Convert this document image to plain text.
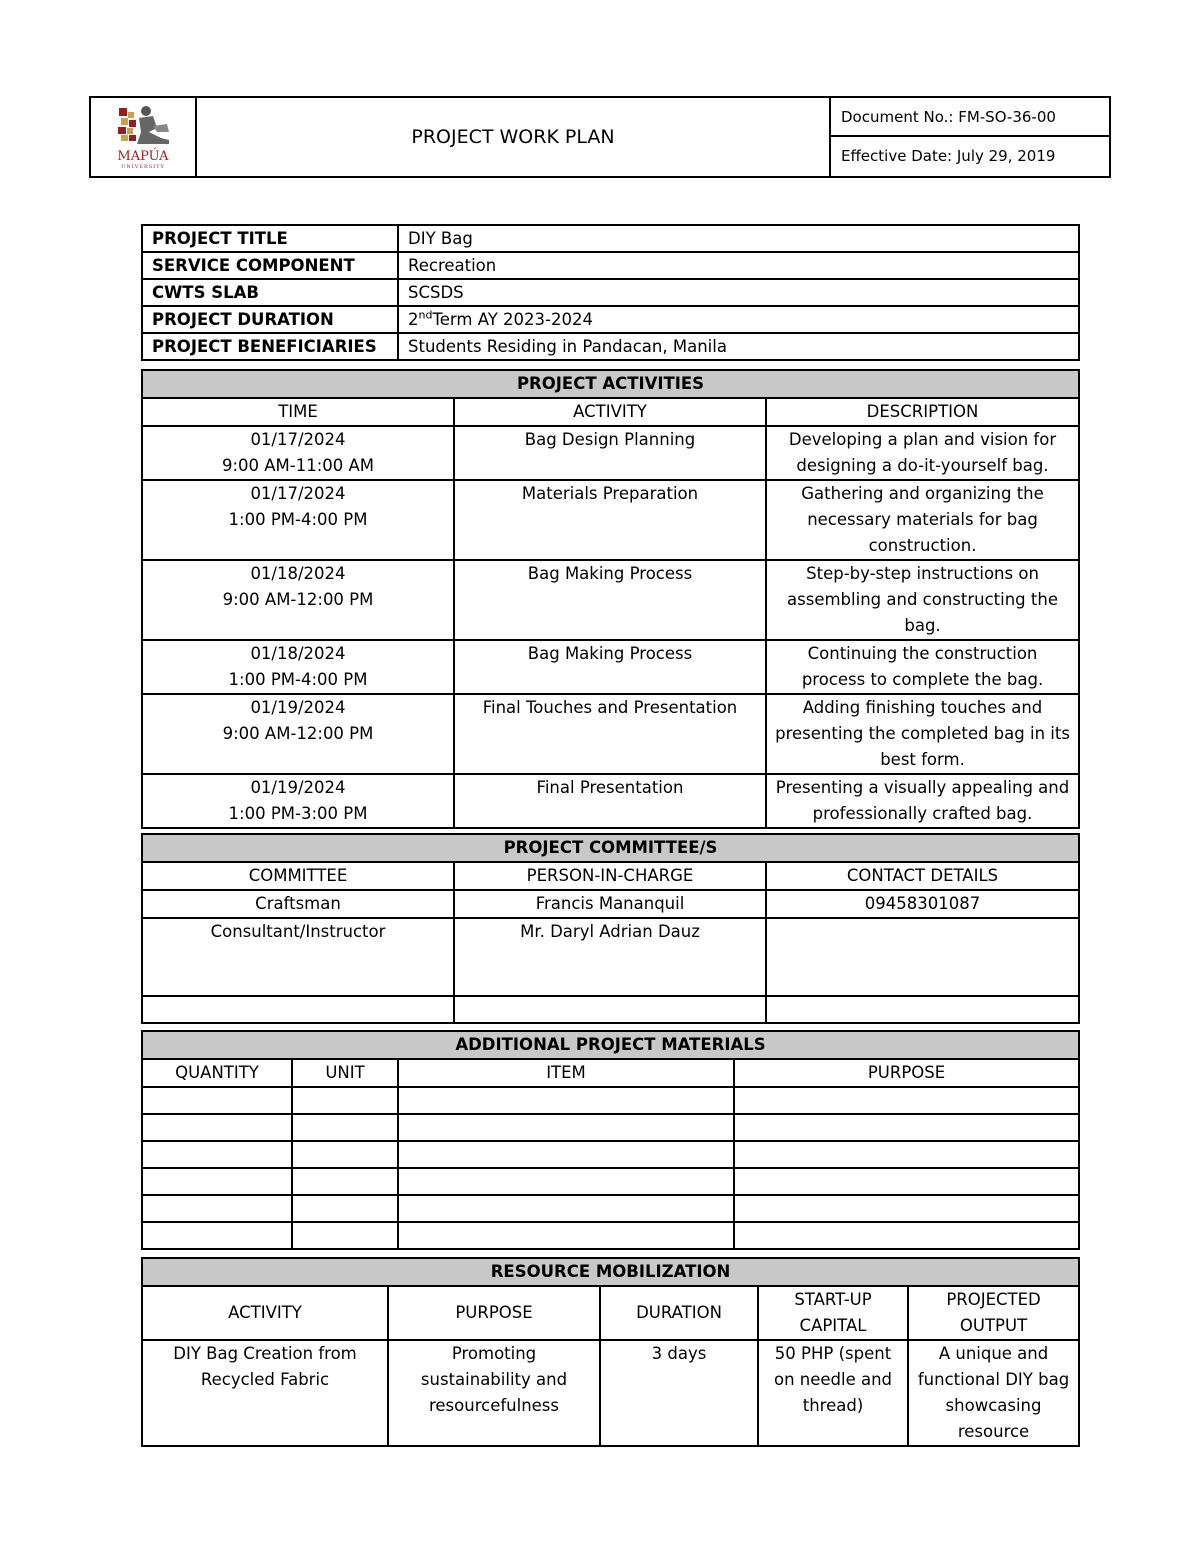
MAPÚA
UNIVERSITY
PROJECT WORK PLAN
Document No.: FM-SO-36-00
Effective Date: July 29, 2019
PROJECT TITLE	DIY Bag
SERVICE COMPONENT	Recreation
CWTS SLAB	SCSDS
PROJECT DURATION	2ndTerm AY 2023-2024
PROJECT BENEFICIARIES	Students Residing in Pandacan, Manila
PROJECT ACTIVITIES		
TIME	ACTIVITY	DESCRIPTION
01/17/2024
9:00 AM-11:00 AM	Bag Design Planning	Developing a plan and vision for designing a do-it-yourself bag.
01/17/2024
1:00 PM-4:00 PM	Materials Preparation	Gathering and organizing the necessary materials for bag construction.
01/18/2024
9:00 AM-12:00 PM	Bag Making Process	Step-by-step instructions on assembling and constructing the bag.
01/18/2024
1:00 PM-4:00 PM	Bag Making Process	Continuing the construction process to complete the bag.
01/19/2024
9:00 AM-12:00 PM	Final Touches and Presentation	Adding finishing touches and presenting the completed bag in its best form.
01/19/2024
1:00 PM-3:00 PM	Final Presentation	Presenting a visually appealing and professionally crafted bag.
PROJECT COMMITTEE/S		
COMMITTEE	PERSON-IN-CHARGE	CONTACT DETAILS
Craftsman	Francis Mananquil	09458301087
Consultant/Instructor	Mr. Daryl Adrian Dauz	

ADDITIONAL PROJECT MATERIALS			
QUANTITY	UNIT	ITEM	PURPOSE

RESOURCE MOBILIZATION				
ACTIVITY	PURPOSE	DURATION	START-UP CAPITAL	PROJECTED OUTPUT
DIY Bag Creation from Recycled Fabric	Promoting sustainability and resourcefulness	3 days	50 PHP (spent on needle and thread)	A unique and functional DIY bag showcasing resource
